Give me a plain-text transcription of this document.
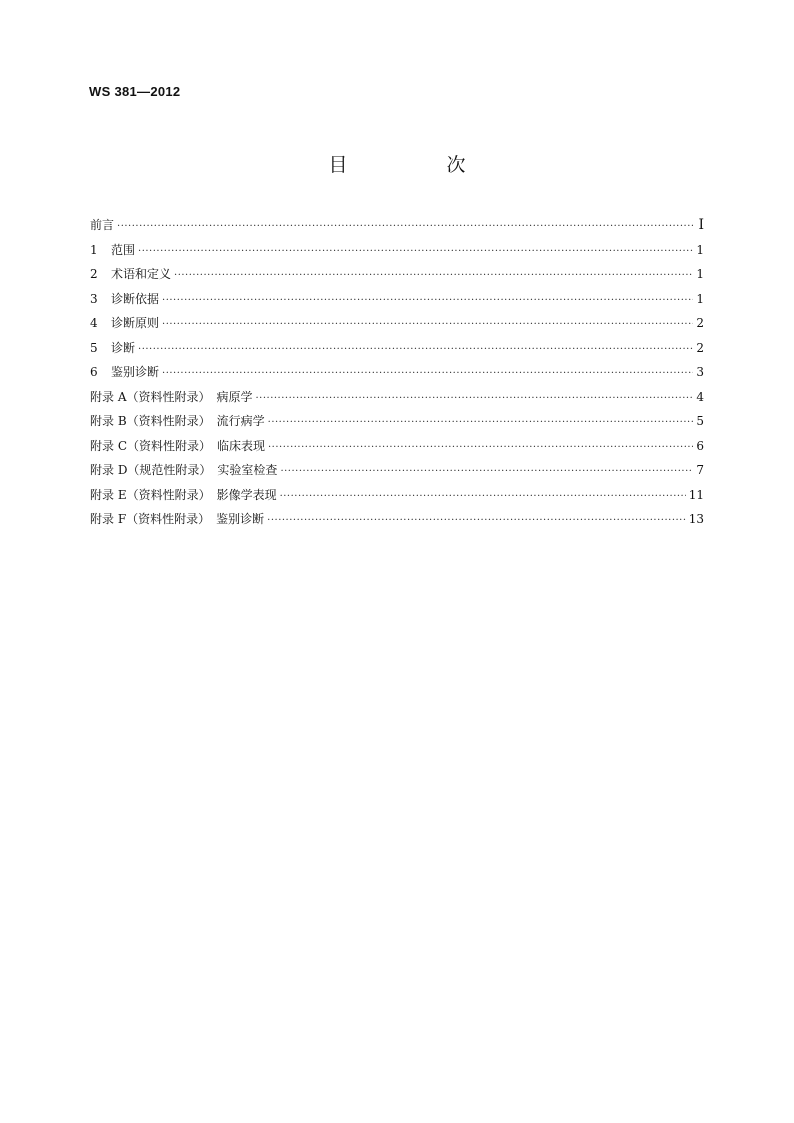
WS 381—2012
目　次
前言 ·····	Ⅰ
1	范围 ·····	1
2	术语和定义 ·····	1
3	诊断依据 ·····	1
4	诊断原则 ·····	2
5	诊断 ·····	2
6	鉴别诊断 ·····	3
附录 A（资料性附录）　病原学 ·····	4
附录 B（资料性附录）　流行病学 ·····	5
附录 C（资料性附录）　临床表现 ·····	6
附录 D（规范性附录）　实验室检查 ·····	7
附录 E（资料性附录）　影像学表现 ·····	11
附录 F（资料性附录）　鉴别诊断 ·····	13
